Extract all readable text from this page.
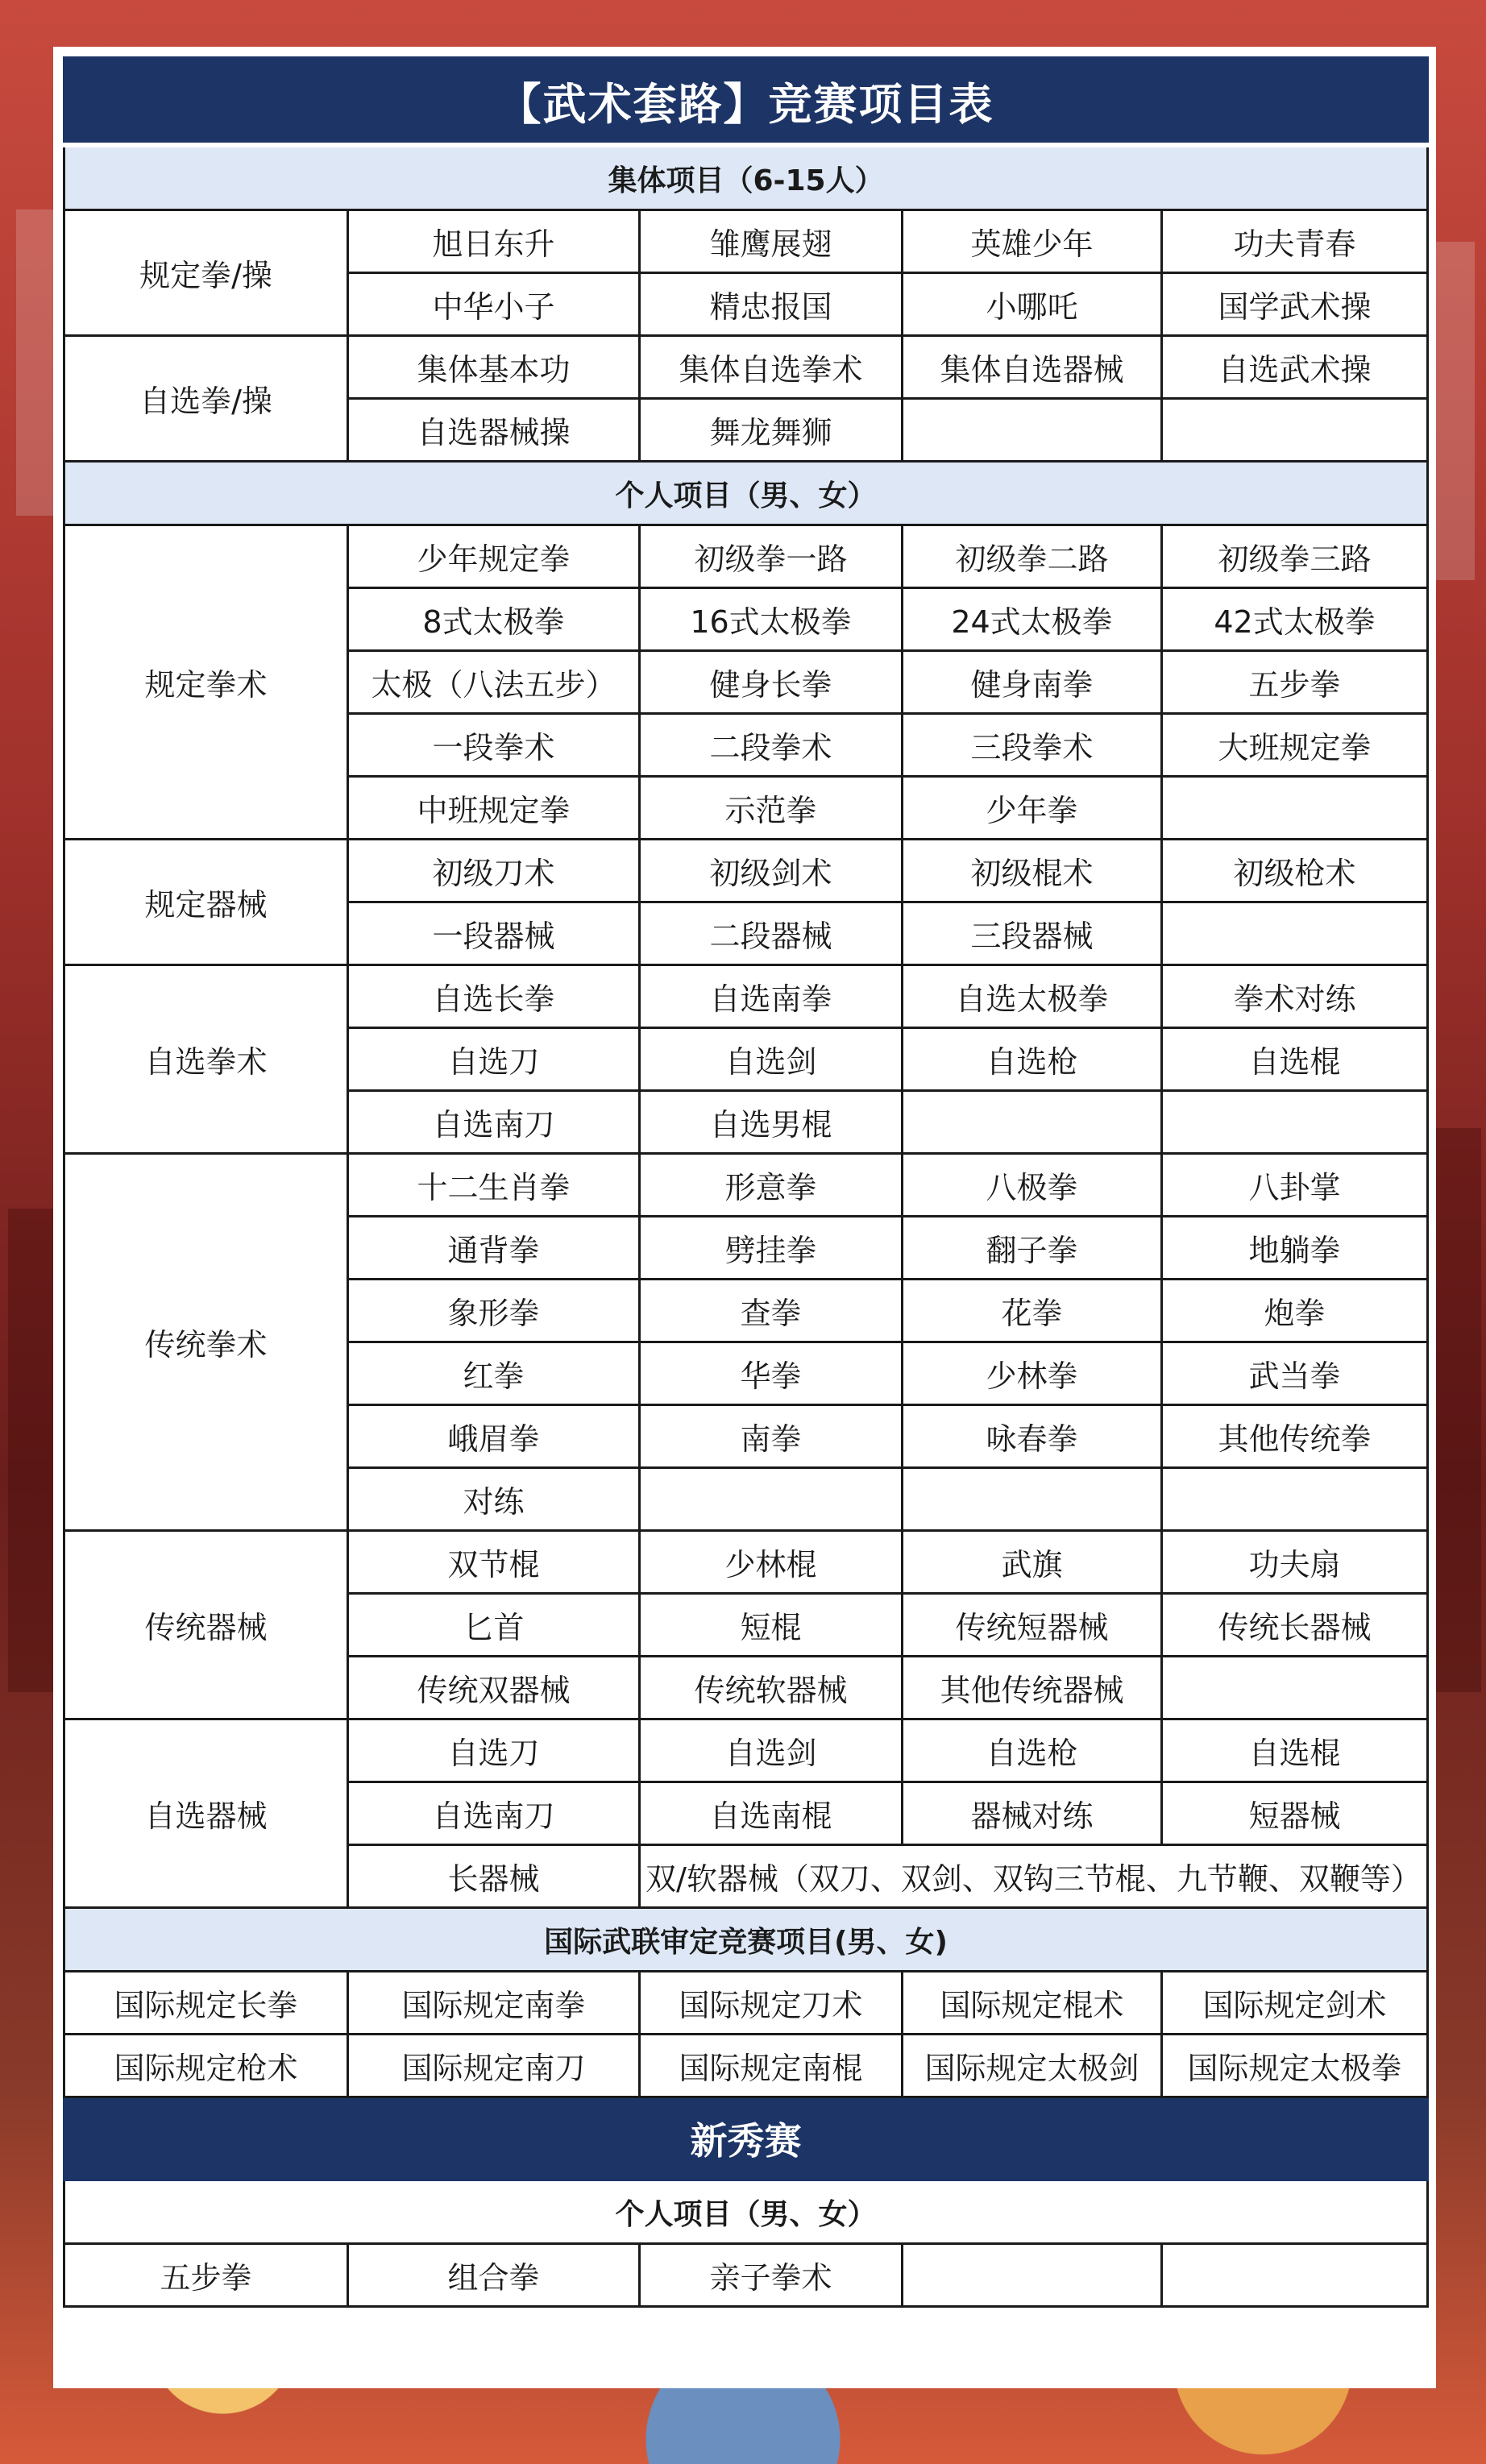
【武术套路】竞赛项目表				
集体项目（6-15人）				
规定拳/操	旭日东升	雏鹰展翅	英雄少年	功夫青春
	中华小子	精忠报国	小哪吒	国学武术操
自选拳/操	集体基本功	集体自选拳术	集体自选器械	自选武术操
	自选器械操	舞龙舞狮		
个人项目（男、女）				
规定拳术	少年规定拳	初级拳一路	初级拳二路	初级拳三路
	8式太极拳	16式太极拳	24式太极拳	42式太极拳
	太极（八法五步）	健身长拳	健身南拳	五步拳
	一段拳术	二段拳术	三段拳术	大班规定拳
	中班规定拳	示范拳	少年拳	
规定器械	初级刀术	初级剑术	初级棍术	初级枪术
	一段器械	二段器械	三段器械	
自选拳术	自选长拳	自选南拳	自选太极拳	拳术对练
	自选刀	自选剑	自选枪	自选棍
	自选南刀	自选男棍		
传统拳术	十二生肖拳	形意拳	八极拳	八卦掌
	通背拳	劈挂拳	翻子拳	地躺拳
	象形拳	查拳	花拳	炮拳
	红拳	华拳	少林拳	武当拳
	峨眉拳	南拳	咏春拳	其他传统拳
	对练			
传统器械	双节棍	少林棍	武旗	功夫扇
	匕首	短棍	传统短器械	传统长器械
	传统双器械	传统软器械	其他传统器械	
自选器械	自选刀	自选剑	自选枪	自选棍
	自选南刀	自选南棍	器械对练	短器械
	长器械	双/软器械（双刀、双剑、双钩三节棍、九节鞭、双鞭等）		
国际武联审定竞赛项目(男、女)				
国际规定长拳	国际规定南拳	国际规定刀术	国际规定棍术	国际规定剑术
国际规定枪术	国际规定南刀	国际规定南棍	国际规定太极剑	国际规定太极拳
新秀赛				
个人项目（男、女）				
五步拳	组合拳	亲子拳术		
